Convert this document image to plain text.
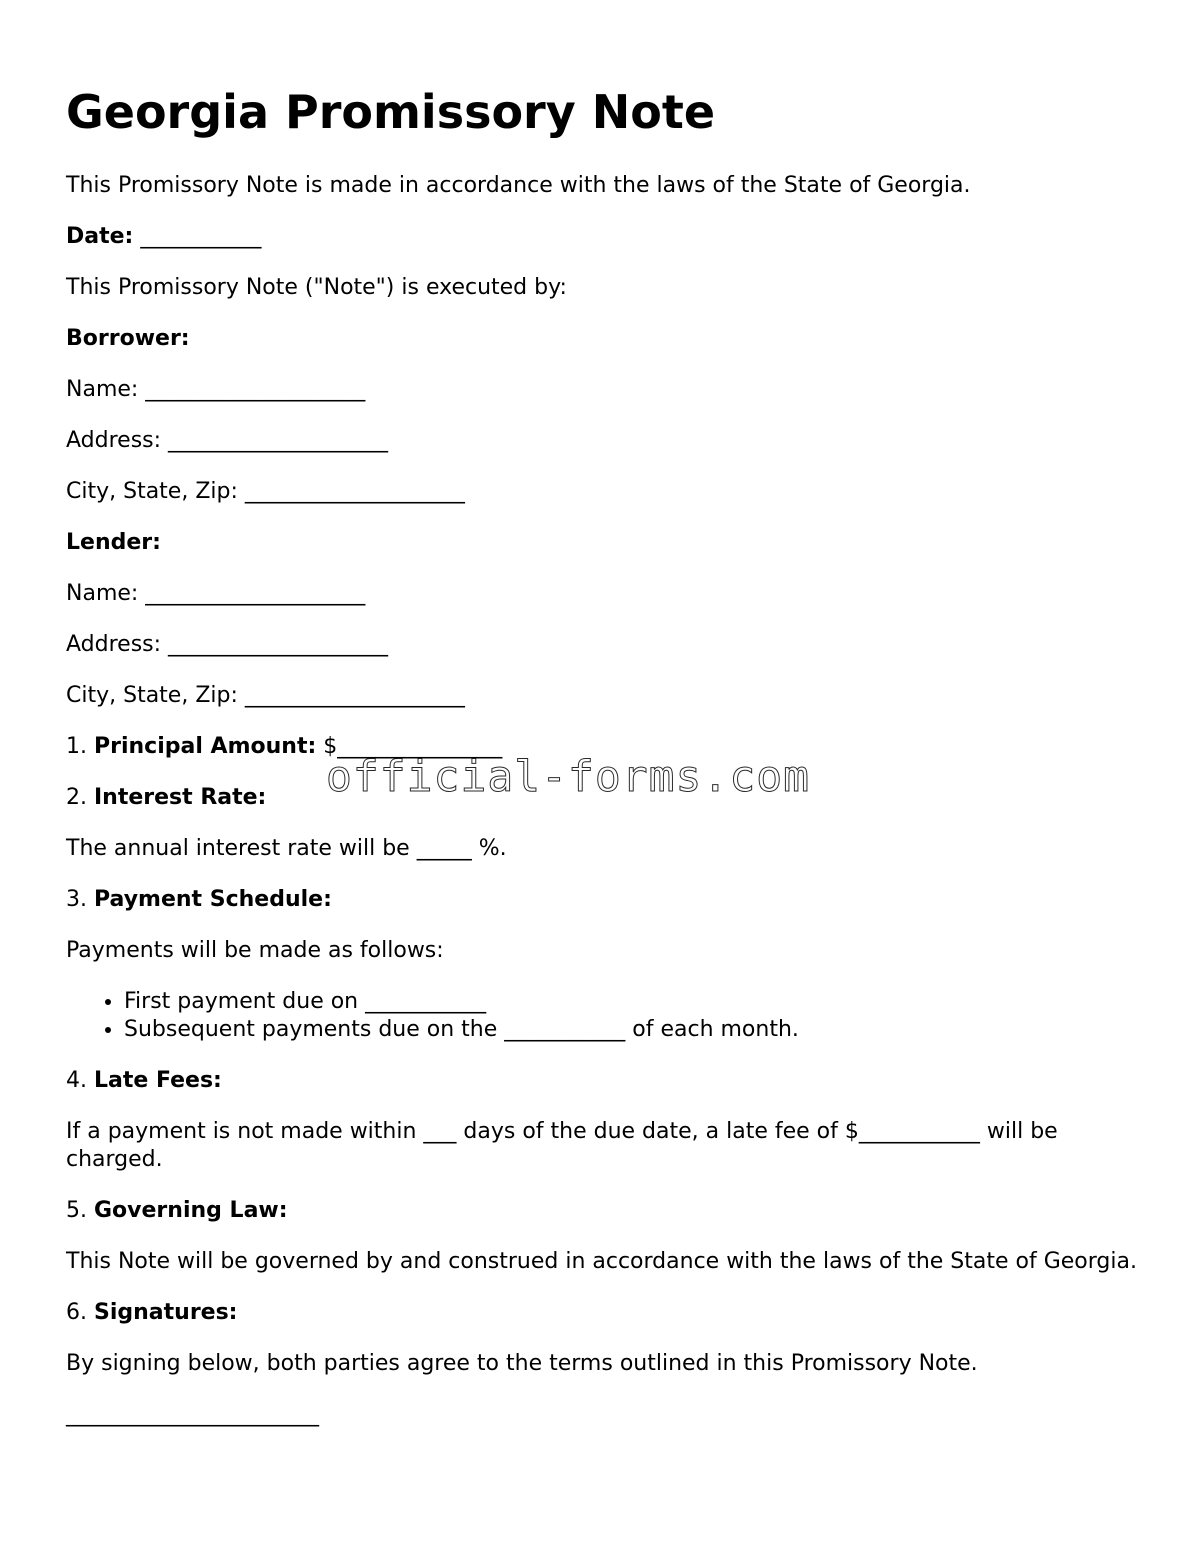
Georgia Promissory Note

This Promissory Note is made in accordance with the laws of the State of Georgia.

Date: ___________

This Promissory Note ("Note") is executed by:

Borrower:

Name: ____________________

Address: ____________________

City, State, Zip: ____________________

Lender:

Name: ____________________

Address: ____________________

City, State, Zip: ____________________

1. Principal Amount: $_______________

2. Interest Rate:

The annual interest rate will be _____ %.

3. Payment Schedule:

Payments will be made as follows:

• First payment due on ___________
• Subsequent payments due on the ___________ of each month.

4. Late Fees:

If a payment is not made within ___ days of the due date, a late fee of $___________ will be charged.

5. Governing Law:

This Note will be governed by and construed in accordance with the laws of the State of Georgia.

6. Signatures:

By signing below, both parties agree to the terms outlined in this Promissory Note.

_______________________

official-forms.com
